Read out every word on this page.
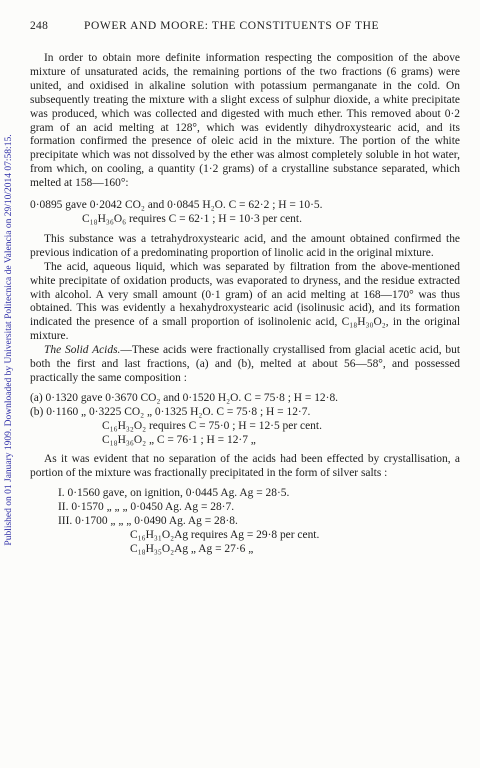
Published on 01 January 1909. Downloaded by Universitat Politecnica de Valencia on 29/10/2014 07:58:15.
248	POWER AND MOORE: THE CONSTITUENTS OF THE

In order to obtain more definite information respecting the composition of the above mixture of unsaturated acids, the remaining portions of the two fractions (6 grams) were united, and oxidised in alkaline solution with potassium permanganate in the cold. On subsequently treating the mixture with a slight excess of sulphur dioxide, a white precipitate was produced, which was collected and digested with much ether. This removed about 0·2 gram of an acid melting at 128°, which was evidently dihydroxystearic acid, and its formation confirmed the presence of oleic acid in the mixture. The portion of the white precipitate which was not dissolved by the ether was almost completely soluble in hot water, from which, on cooling, a quantity (1·2 grams) of a crystalline substance separated, which melted at 158—160°:

0·0895 gave 0·2042 CO₂ and 0·0845 H₂O. C = 62·2 ; H = 10·5.
C₁₈H₃₆O₆ requires C = 62·1 ; H = 10·3 per cent.

This substance was a tetrahydroxystearic acid, and the amount obtained confirmed the previous indication of a predominating proportion of linolic acid in the original mixture.

The acid, aqueous liquid, which was separated by filtration from the above-mentioned white precipitate of oxidation products, was evaporated to dryness, and the residue extracted with alcohol. A very small amount (0·1 gram) of an acid melting at 168—170° was thus obtained. This was evidently a hexahydroxystearic acid (isolinusic acid), and its formation indicated the presence of a small proportion of isolinolenic acid, C₁₈H₃₀O₂, in the original mixture.

The Solid Acids.—These acids were fractionally crystallised from glacial acetic acid, but both the first and last fractions, (a) and (b), melted at about 56—58°, and possessed practically the same composition :

(a) 0·1320 gave 0·3670 CO₂ and 0·1520 H₂O. C = 75·8 ; H = 12·8.
(b) 0·1160 „ 0·3225 CO₂ „ 0·1325 H₂O. C = 75·8 ; H = 12·7.
C₁₆H₃₂O₂ requires C = 75·0 ; H = 12·5 per cent.
C₁₈H₃₆O₂ „ C = 76·1 ; H = 12·7 „

As it was evident that no separation of the acids had been effected by crystallisation, a portion of the mixture was fractionally precipitated in the form of silver salts :

I. 0·1560 gave, on ignition, 0·0445 Ag. Ag = 28·5.
II. 0·1570 „ „ „ 0·0450 Ag. Ag = 28·7.
III. 0·1700 „ „ „ 0·0490 Ag. Ag = 28·8.
C₁₆H₃₁O₂Ag requires Ag = 29·8 per cent.
C₁₈H₃₅O₂Ag „ Ag = 27·6 „
